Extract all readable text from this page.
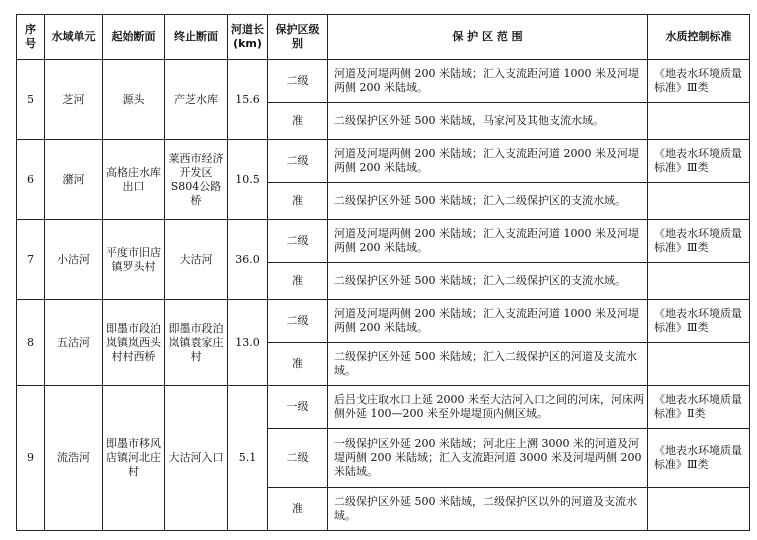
序号	水域单元	起始断面	终止断面	河道长(km)	保护区级别	保 护 区 范 围	水质控制标准
5	芝河	源头	产芝水库	15.6	二级	河道及河堤两侧 200 米陆域；汇入支流距河道 1000 米及河堤两侧 200 米陆域。	《地表水环境质量标准》Ⅲ类
					准	二级保护区外延 500 米陆域，马家河及其他支流水域。	
6	潴河	高格庄水库出口	莱西市经济开发区S804公路桥	10.5	二级	河道及河堤两侧 200 米陆域；汇入支流距河道 2000 米及河堤两侧 200 米陆域。	《地表水环境质量标准》Ⅲ类
					准	二级保护区外延 500 米陆域；汇入二级保护区的支流水域。	
7	小沽河	平度市旧店镇罗头村	大沽河	36.0	二级	河道及河堤两侧 200 米陆域；汇入支流距河道 1000 米及河堤两侧 200 米陆域。	《地表水环境质量标准》Ⅲ类
					准	二级保护区外延 500 米陆域；汇入二级保护区的支流水域。	
8	五沽河	即墨市段泊岚镇岚西头村村西桥	即墨市段泊岚镇袁家庄村	13.0	二级	河道及河堤两侧 200 米陆域；汇入支流距河道 1000 米及河堤两侧 200 米陆域。	《地表水环境质量标准》Ⅲ类
					准	二级保护区外延 500 米陆域；汇入二级保护区的河道及支流水域。	
9	流浩河	即墨市移风店镇河北庄村	大沽河入口	5.1	一级	后吕戈庄取水口上延 2000 米至大沽河入口之间的河床，河床两侧外延 100—200 米至外堤堤顶内侧区域。	《地表水环境质量标准》Ⅱ类
					二级	一级保护区外延 200 米陆域；河北庄上溯 3000 米的河道及河堤两侧 200 米陆域；汇入支流距河道 3000 米及河堤两侧 200 米陆域。	《地表水环境质量标准》Ⅲ类
					准	二级保护区外延 500 米陆域，二级保护区以外的河道及支流水域。	
